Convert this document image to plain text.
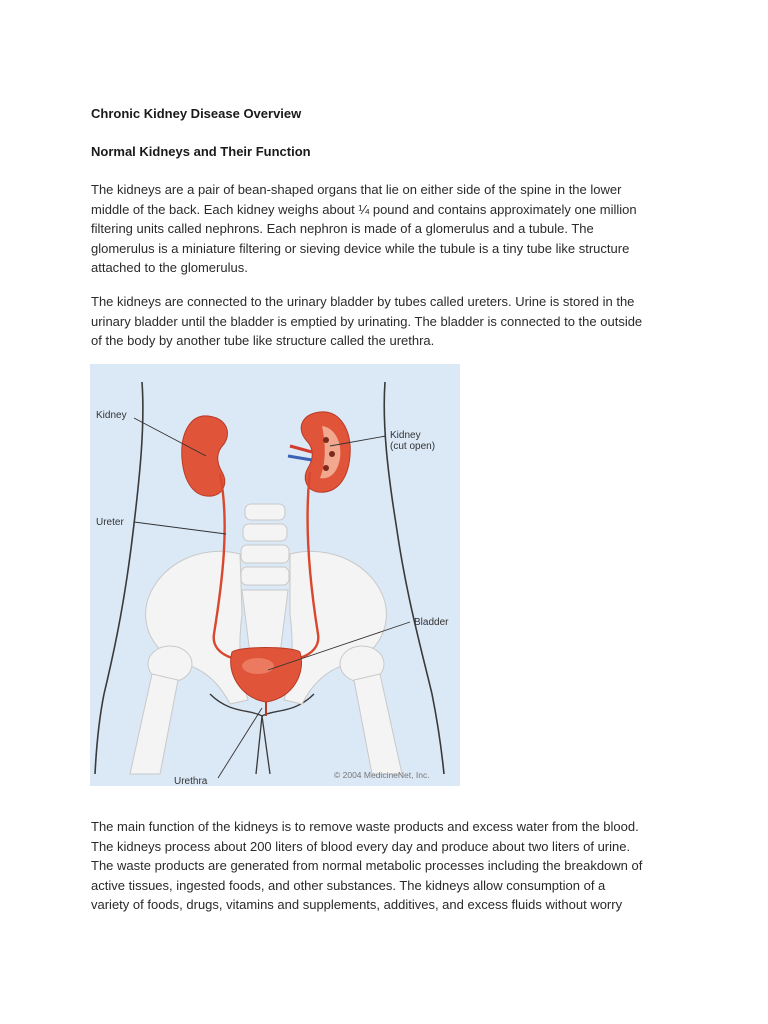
Chronic Kidney Disease Overview
Normal Kidneys and Their Function
The kidneys are a pair of bean-shaped organs that lie on either side of the spine in the lower
middle of the back. Each kidney weighs about ¼ pound and contains approximately one million
filtering units called nephrons. Each nephron is made of a glomerulus and a tubule. The
glomerulus is a miniature filtering or sieving device while the tubule is a tiny tube like structure
attached to the glomerulus.
The kidneys are connected to the urinary bladder by tubes called ureters. Urine is stored in the
urinary bladder until the bladder is emptied by urinating. The bladder is connected to the outside
of the body by another tube like structure called the urethra.
Kidney
Kidney
(cut open)
Ureter
Bladder
Urethra
© 2004 MedicineNet, Inc.
The main function of the kidneys is to remove waste products and excess water from the blood.
The kidneys process about 200 liters of blood every day and produce about two liters of urine.
The waste products are generated from normal metabolic processes including the breakdown of
active tissues, ingested foods, and other substances. The kidneys allow consumption of a
variety of foods, drugs, vitamins and supplements, additives, and excess fluids without worry
